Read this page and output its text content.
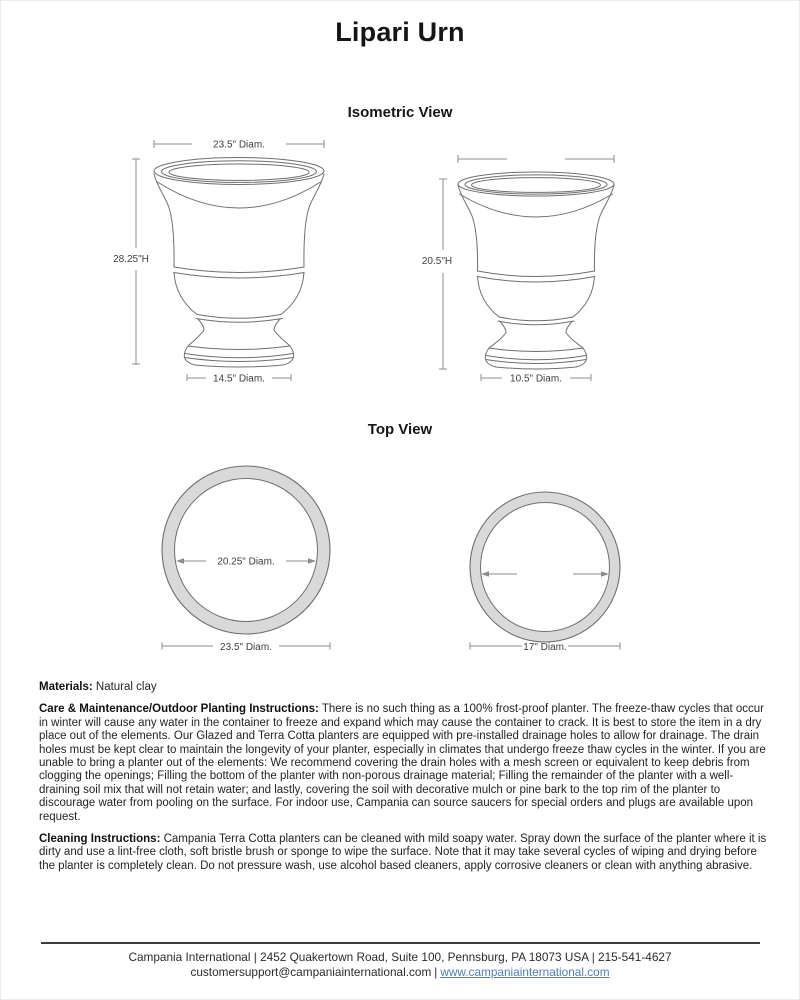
Lipari Urn
Isometric View
23.5" Diam.
28.25"H
14.5" Diam.
20.5"H
10.5" Diam.
Top View
20.25" Diam.
23.5" Diam.	17" Diam.

Materials: Natural clay

Care & Maintenance/Outdoor Planting Instructions: There is no such thing as a 100% frost-proof planter. The freeze-thaw cycles that occur in winter will cause any water in the container to freeze and expand which may cause the container to crack. It is best to store the item in a dry place out of the elements. Our Glazed and Terra Cotta planters are equipped with pre-installed drainage holes to allow for drainage. The drain holes must be kept clear to maintain the longevity of your planter, especially in climates that undergo freeze thaw cycles in the winter. If you are unable to bring a planter out of the elements: We recommend covering the drain holes with a mesh screen or equivalent to keep debris from clogging the openings; Filling the bottom of the planter with non-porous drainage material; Filling the remainder of the planter with a well-draining soil mix that will not retain water; and lastly, covering the soil with decorative mulch or pine bark to the top rim of the planter to discourage water from pooling on the surface. For indoor use, Campania can source saucers for special orders and plugs are available upon request.

Cleaning Instructions: Campania Terra Cotta planters can be cleaned with mild soapy water. Spray down the surface of the planter where it is dirty and use a lint-free cloth, soft bristle brush or sponge to wipe the surface. Note that it may take several cycles of wiping and drying before the planter is completely clean. Do not pressure wash, use alcohol based cleaners, apply corrosive cleaners or clean with anything abrasive.

Campania International | 2452 Quakertown Road, Suite 100, Pennsburg, PA 18073 USA | 215-541-4627
customersupport@campaniainternational.com | www.campaniainternational.com
